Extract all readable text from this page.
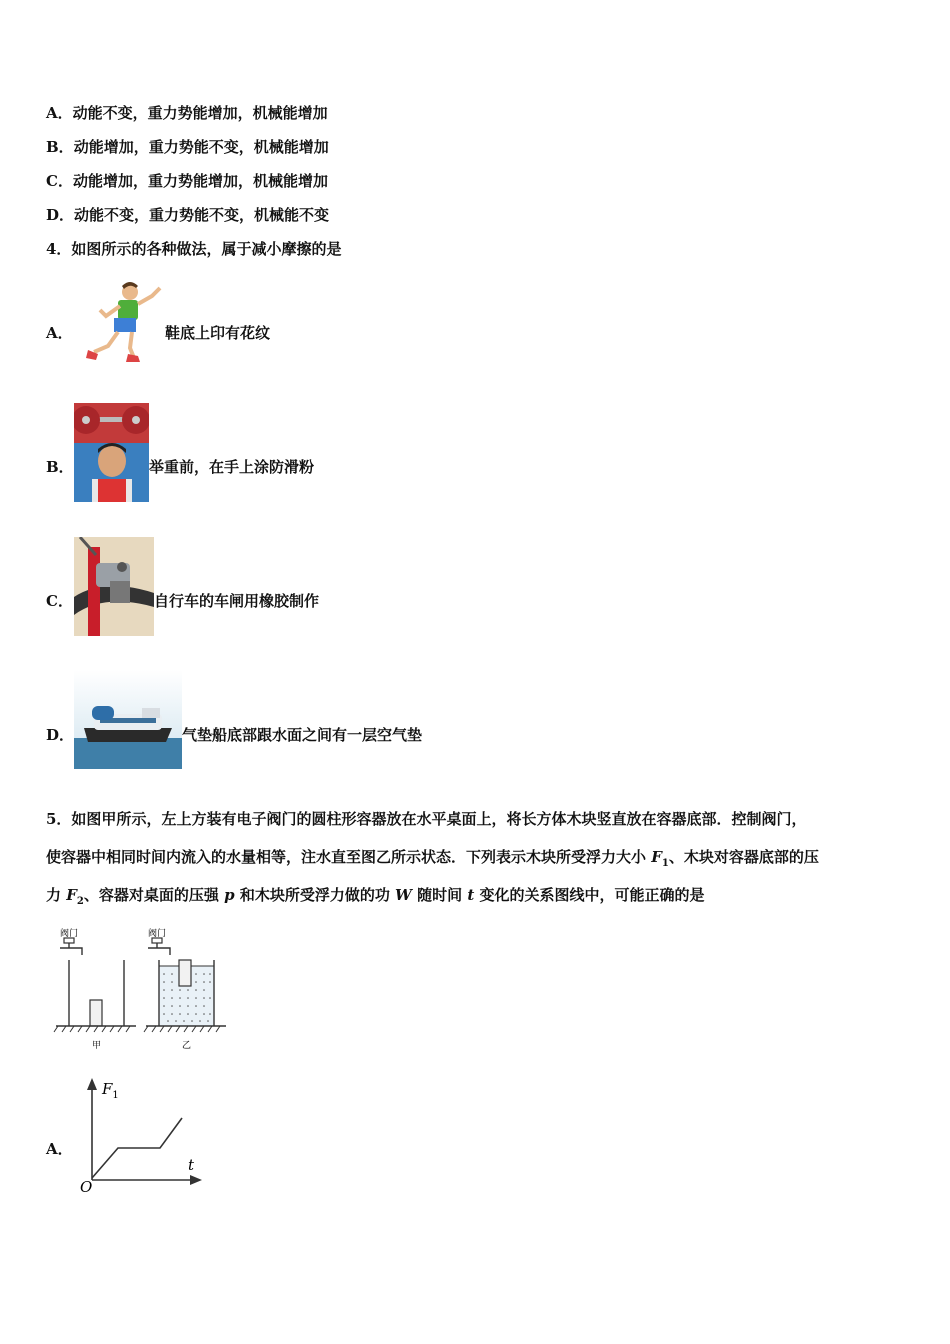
A．动能不变，重力势能增加，机械能增加
B．动能增加，重力势能不变，机械能增加
C．动能增加，重力势能增加，机械能增加
D．动能不变，重力势能不变，机械能不变
4．如图所示的各种做法，属于减小摩擦的是
A．	鞋底上印有花纹
B．	举重前，在手上涂防滑粉
C．	自行车的车闸用橡胶制作
D．	气垫船底部跟水面之间有一层空气垫
5．如图甲所示，左上方装有电子阀门的圆柱形容器放在水平桌面上，将长方体木块竖直放在容器底部．控制阀门，
使容器中相同时间内流入的水量相等，注水直至图乙所示状态．下列表示木块所受浮力大小 $F_1$、木块对容器底部的压
力 $F_2$、容器对桌面的压强 p 和木块所受浮力做的功 W 随时间 t 变化的关系图线中，可能正确的是
阀门
甲
阀门
乙
A．
$F_1$
t
O
